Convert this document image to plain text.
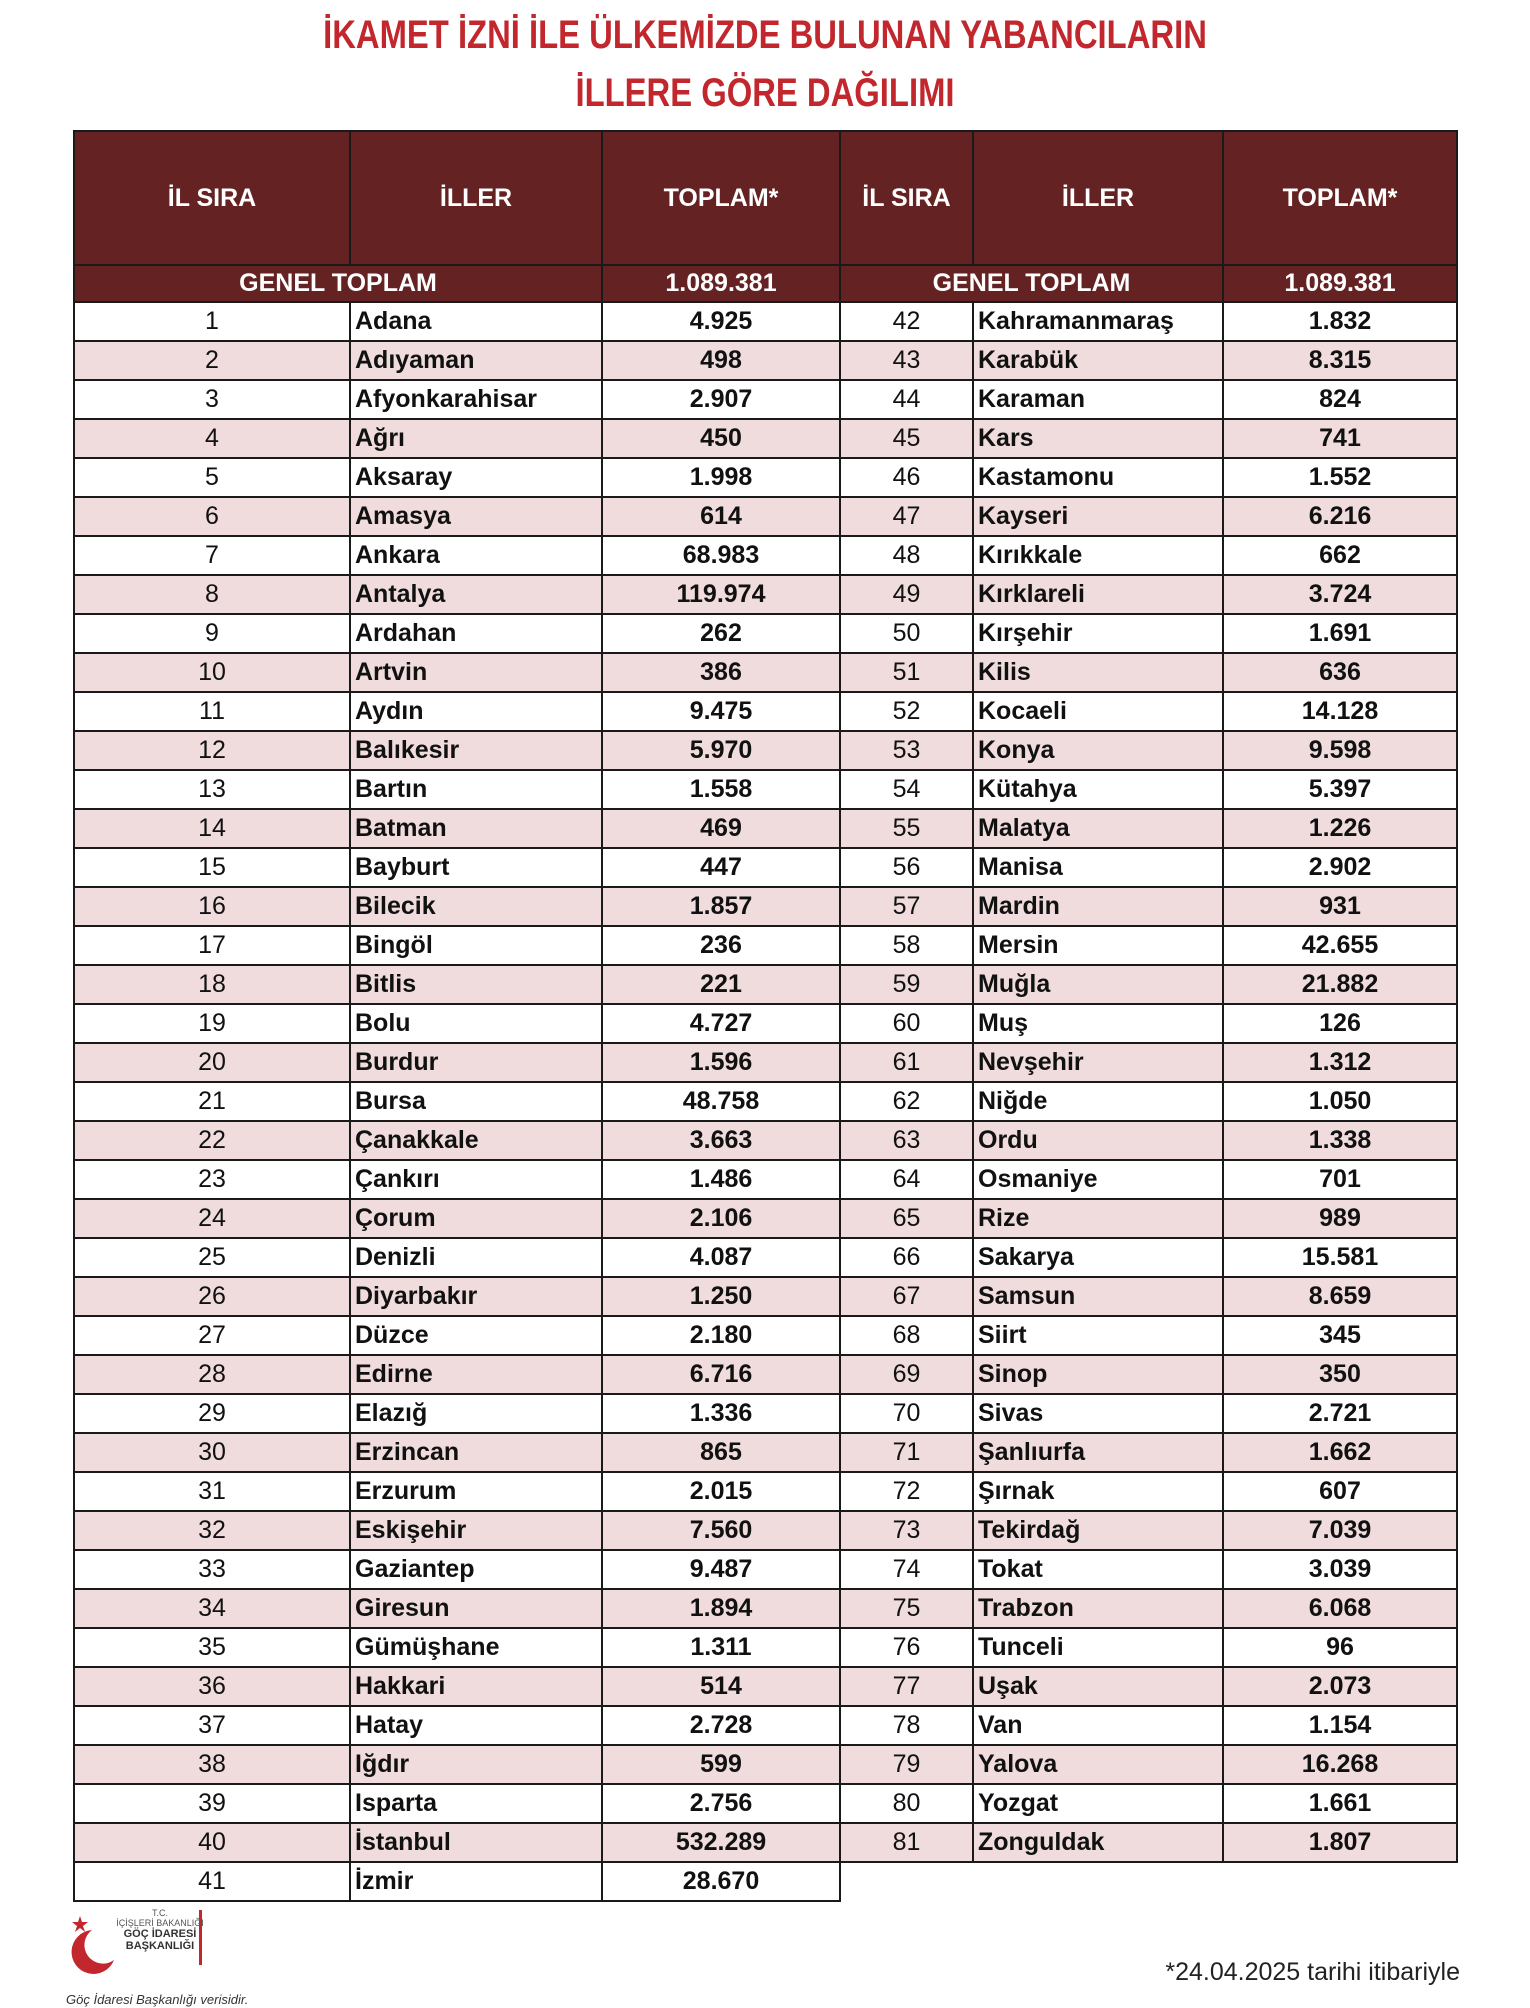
İKAMET İZNİ İLE ÜLKEMİZDE BULUNAN YABANCILARIN
İLLERE GÖRE DAĞILIMI
İL SIRA	İLLER	TOPLAM*	İL SIRA	İLLER	TOPLAM*
GENEL TOPLAM		1.089.381	GENEL TOPLAM		1.089.381
1	Adana	4.925	42	Kahramanmaraş	1.832
2	Adıyaman	498	43	Karabük	8.315
3	Afyonkarahisar	2.907	44	Karaman	824
4	Ağrı	450	45	Kars	741
5	Aksaray	1.998	46	Kastamonu	1.552
6	Amasya	614	47	Kayseri	6.216
7	Ankara	68.983	48	Kırıkkale	662
8	Antalya	119.974	49	Kırklareli	3.724
9	Ardahan	262	50	Kırşehir	1.691
10	Artvin	386	51	Kilis	636
11	Aydın	9.475	52	Kocaeli	14.128
12	Balıkesir	5.970	53	Konya	9.598
13	Bartın	1.558	54	Kütahya	5.397
14	Batman	469	55	Malatya	1.226
15	Bayburt	447	56	Manisa	2.902
16	Bilecik	1.857	57	Mardin	931
17	Bingöl	236	58	Mersin	42.655
18	Bitlis	221	59	Muğla	21.882
19	Bolu	4.727	60	Muş	126
20	Burdur	1.596	61	Nevşehir	1.312
21	Bursa	48.758	62	Niğde	1.050
22	Çanakkale	3.663	63	Ordu	1.338
23	Çankırı	1.486	64	Osmaniye	701
24	Çorum	2.106	65	Rize	989
25	Denizli	4.087	66	Sakarya	15.581
26	Diyarbakır	1.250	67	Samsun	8.659
27	Düzce	2.180	68	Siirt	345
28	Edirne	6.716	69	Sinop	350
29	Elazığ	1.336	70	Sivas	2.721
30	Erzincan	865	71	Şanlıurfa	1.662
31	Erzurum	2.015	72	Şırnak	607
32	Eskişehir	7.560	73	Tekirdağ	7.039
33	Gaziantep	9.487	74	Tokat	3.039
34	Giresun	1.894	75	Trabzon	6.068
35	Gümüşhane	1.311	76	Tunceli	96
36	Hakkari	514	77	Uşak	2.073
37	Hatay	2.728	78	Van	1.154
38	Iğdır	599	79	Yalova	16.268
39	Isparta	2.756	80	Yozgat	1.661
40	İstanbul	532.289	81	Zonguldak	1.807
41	İzmir	28.670			
T.C.
İÇİŞLERİ BAKANLIĞI
GÖÇ İDARESİ
BAŞKANLIĞI
Göç İdaresi Başkanlığı verisidir.
*24.04.2025 tarihi itibariyle
